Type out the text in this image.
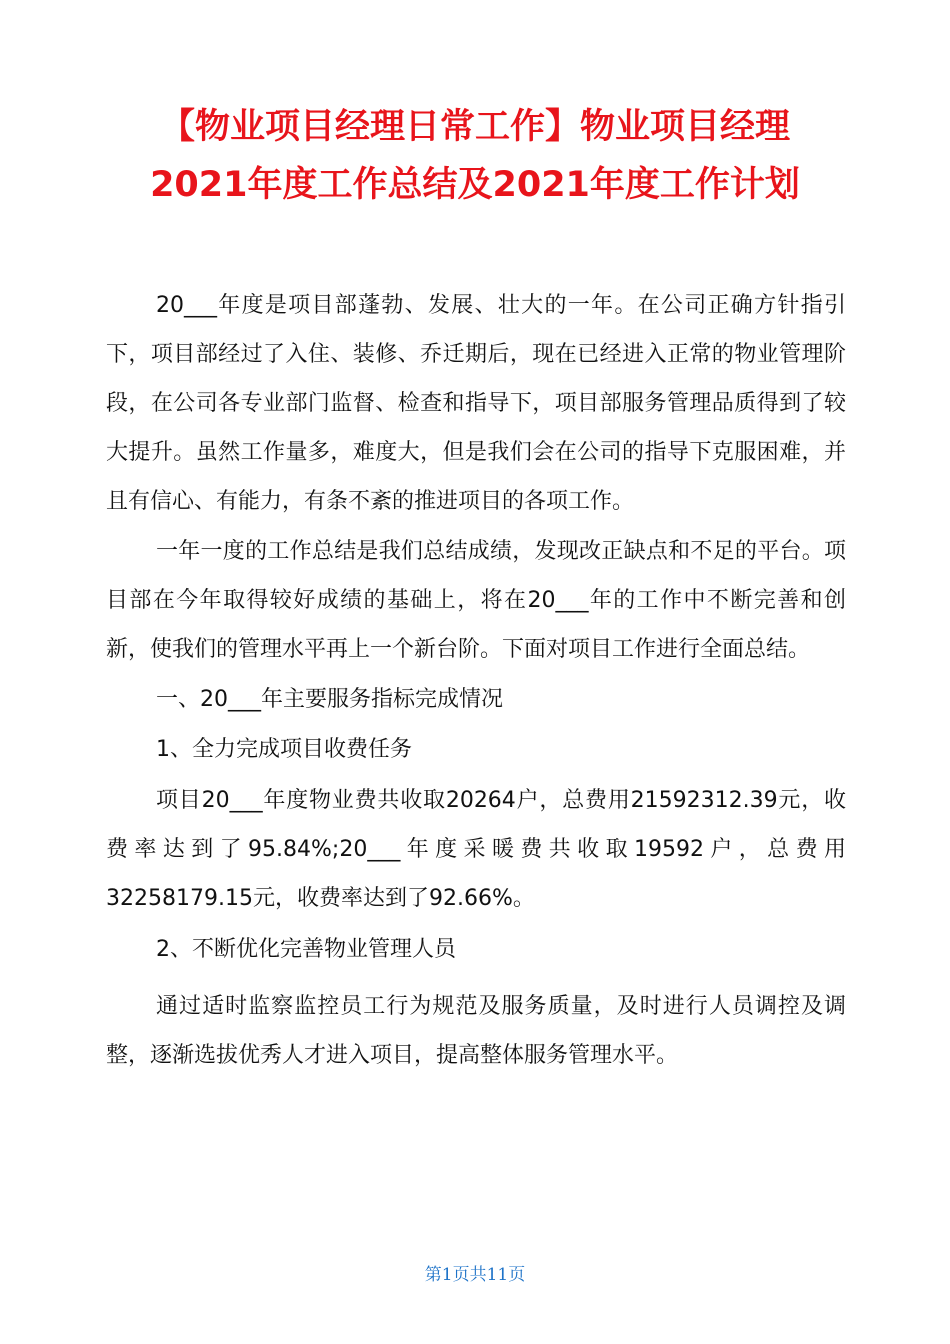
【物业项目经理日常工作】物业项目经理
2021年度工作总结及2021年度工作计划

20___年度是项目部蓬勃、发展、壮大的一年。在公司正确方针指引下，项目部经过了入住、装修、乔迁期后，现在已经进入正常的物业管理阶段，在公司各专业部门监督、检查和指导下，项目部服务管理品质得到了较大提升。虽然工作量多，难度大，但是我们会在公司的指导下克服困难，并且有信心、有能力，有条不紊的推进项目的各项工作。

一年一度的工作总结是我们总结成绩，发现改正缺点和不足的平台。项目部在今年取得较好成绩的基础上，将在20___年的工作中不断完善和创新，使我们的管理水平再上一个新台阶。下面对项目工作进行全面总结。

一、20___年主要服务指标完成情况

1、全力完成项目收费任务

项目20___年度物业费共收取20264户，总费用21592312.39元，收费率达到了95.84%;20___年度采暖费共收取19592户，总费用32258179.15元，收费率达到了92.66%。

2、不断优化完善物业管理人员

通过适时监察监控员工行为规范及服务质量，及时进行人员调控及调整，逐渐选拔优秀人才进入项目，提高整体服务管理水平。

第1页共11页
